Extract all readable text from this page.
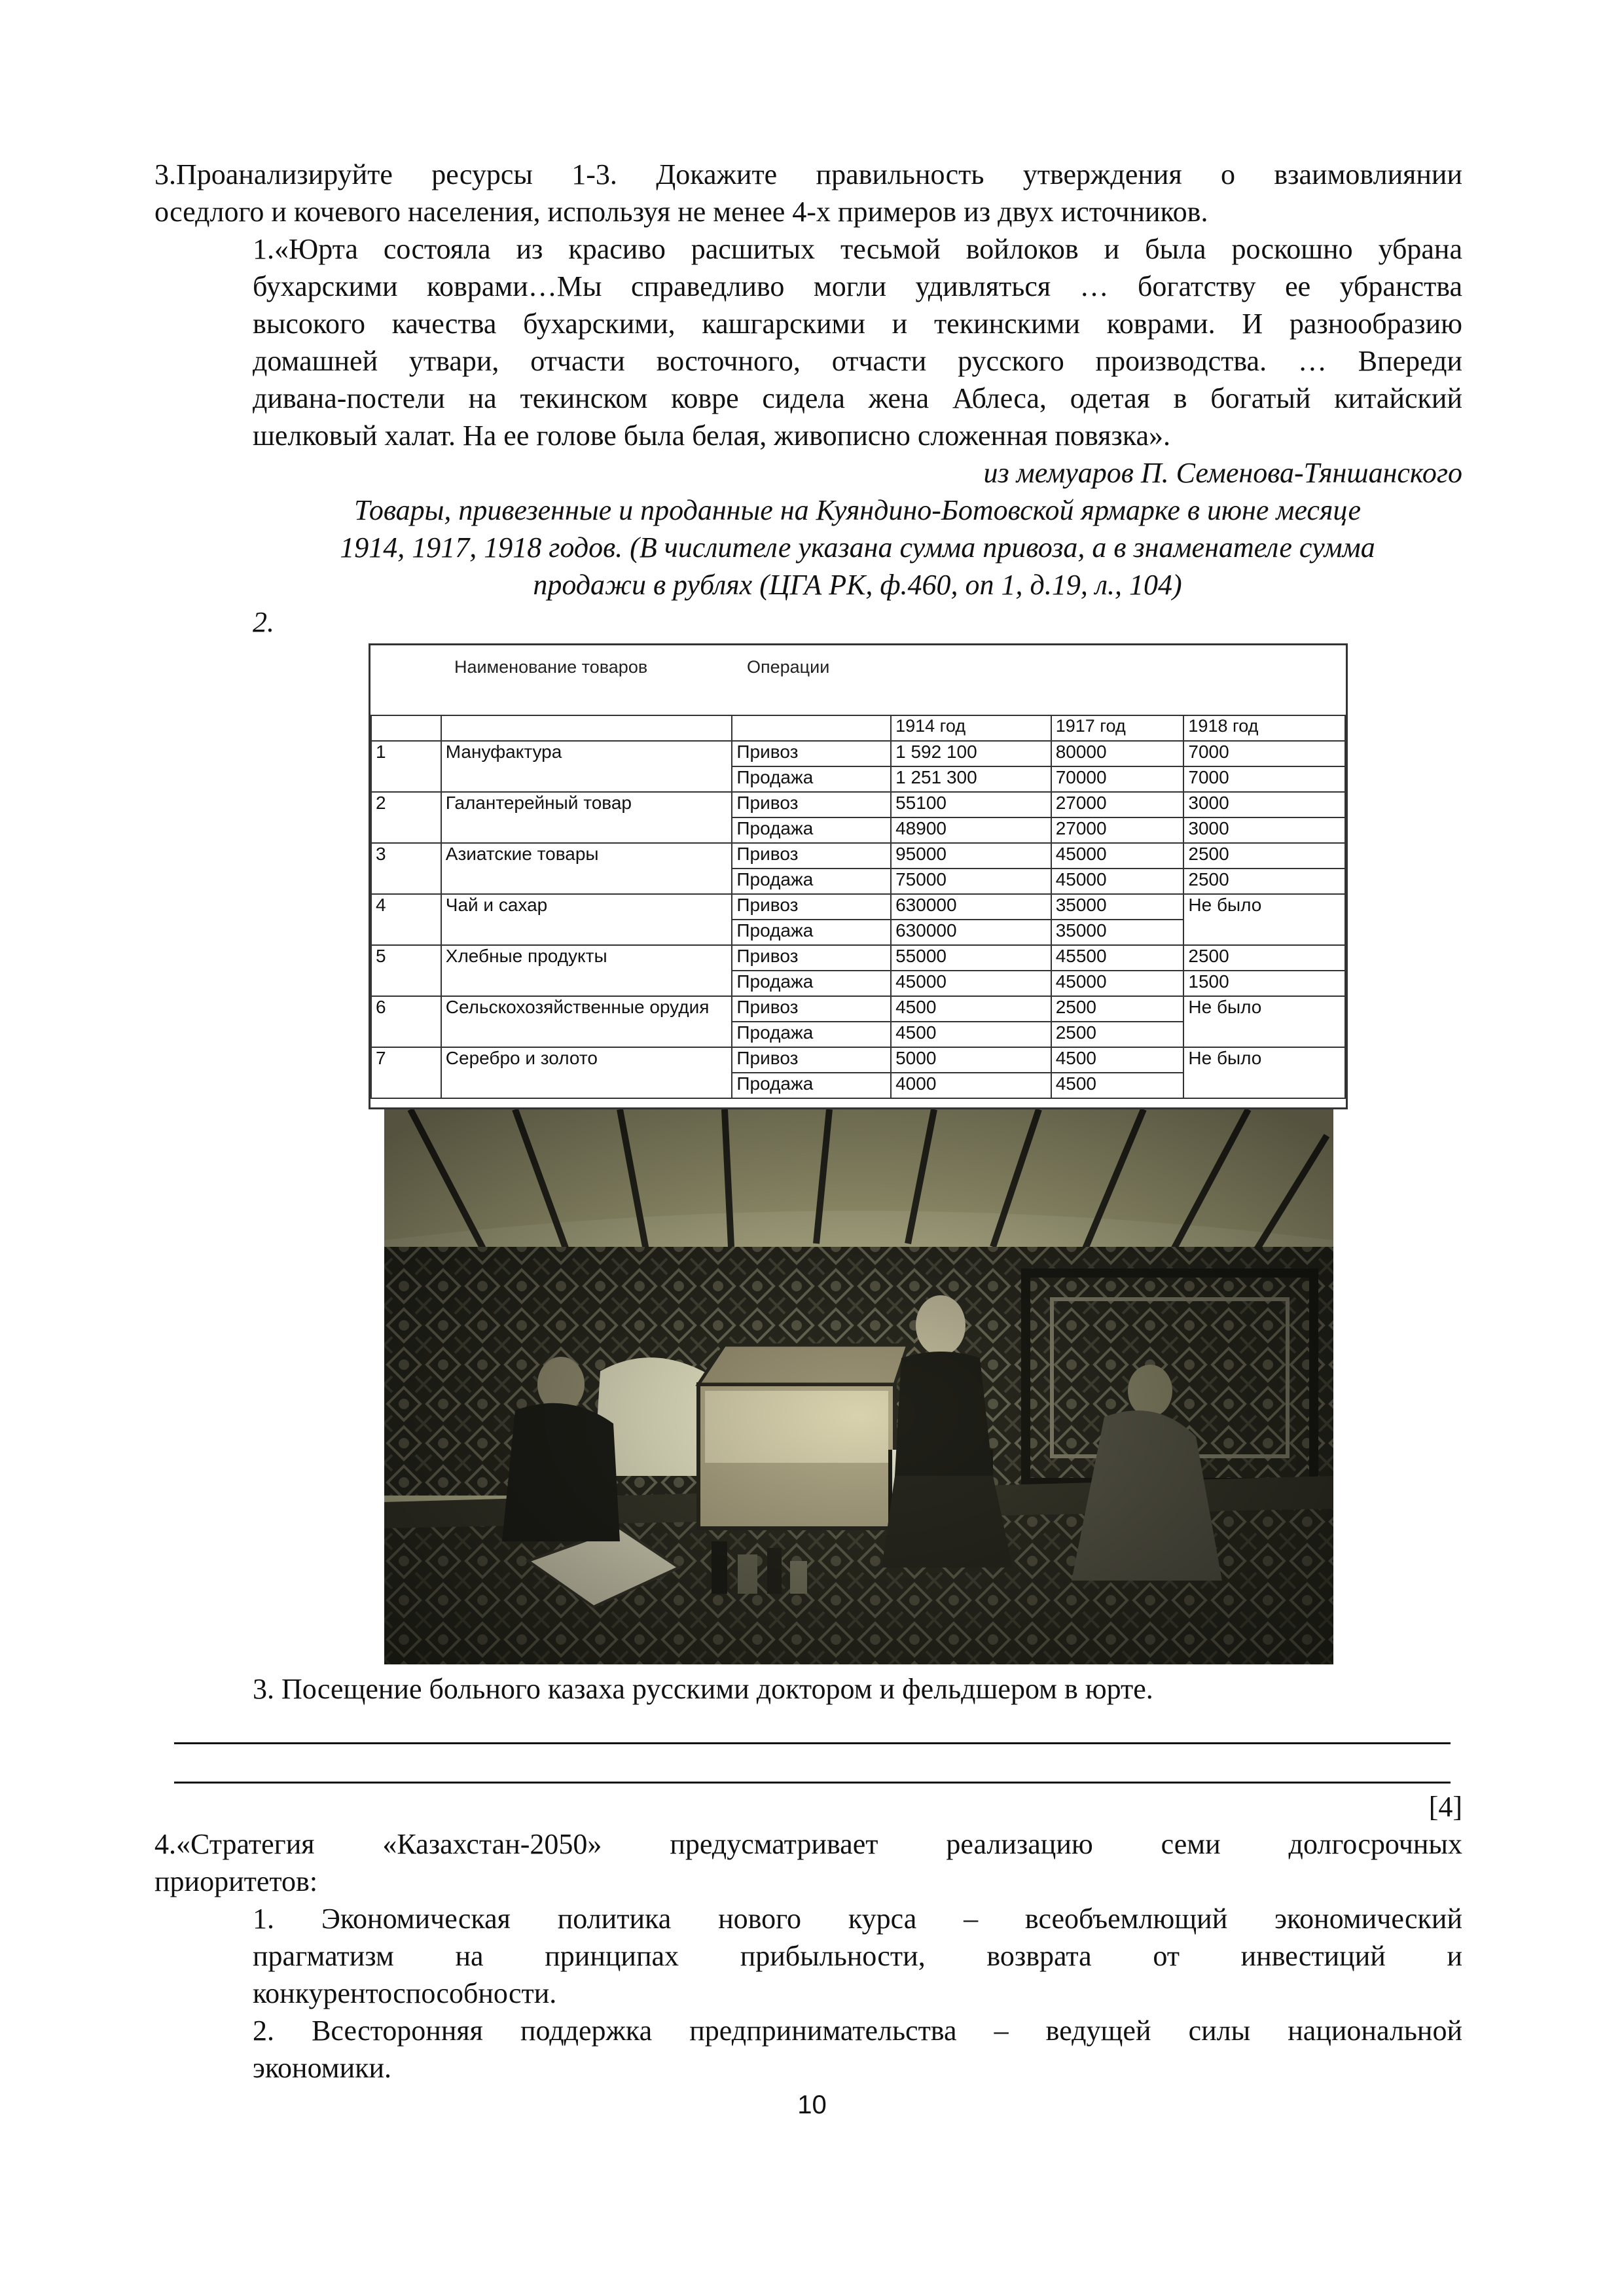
3.Проанализируйте ресурсы 1-3. Докажите правильность утверждения о взаимовлиянии

оседлого и кочевого населения, используя не менее 4-х примеров из двух источников.

1.«Юрта состояла из красиво расшитых тесьмой войлоков и была роскошно убрана

бухарскими коврами…Мы справедливо могли удивляться … богатству ее убранства

высокого качества бухарскими, кашгарскими и текинскими коврами. И разнообразию

домашней утвари, отчасти восточного, отчасти русского производства. … Впереди

дивана-постели на текинском ковре сидела жена Аблеса, одетая в богатый китайский

шелковый халат. На ее голове была белая, живописно сложенная повязка».

из мемуаров П. Семенова-Тяншанского

Товары, привезенные и проданные на Куяндино-Ботовской ярмарке в июне месяце

1914, 1917, 1918 годов. (В числителе указана сумма привоза, а в знаменателе сумма

продажи в рублях (ЦГА РК, ф.460, оп 1, д.19, л., 104)

2.

Наименование товаров	Операции
			1914 год	1917 год	1918 год
1	Мануфактура	Привоз	1 592 100	80000	7000
		Продажа	1 251 300	70000	7000
2	Галантерейный товар	Привоз	55100	27000	3000
		Продажа	48900	27000	3000
3	Азиатские товары	Привоз	95000	45000	2500
		Продажа	75000	45000	2500
4	Чай и сахар	Привоз	630000	35000	Не было
		Продажа	630000	35000	
5	Хлебные продукты	Привоз	55000	45500	2500
		Продажа	45000	45000	1500
6	Сельскохозяйственные орудия	Привоз	4500	2500	Не было
		Продажа	4500	2500	
7	Серебро и золото	Привоз	5000	4500	Не было
		Продажа	4000	4500	

3. Посещение больного казаха русскими доктором и фельдшером в юрте.

[4]

4.«Стратегия «Казахстан-2050» предусматривает реализацию семи долгосрочных

приоритетов:

1. Экономическая политика нового курса – всеобъемлющий экономический

прагматизм на принципах прибыльности, возврата от инвестиций и

конкурентоспособности.

2. Всесторонняя поддержка предпринимательства – ведущей силы национальной

экономики.

10
